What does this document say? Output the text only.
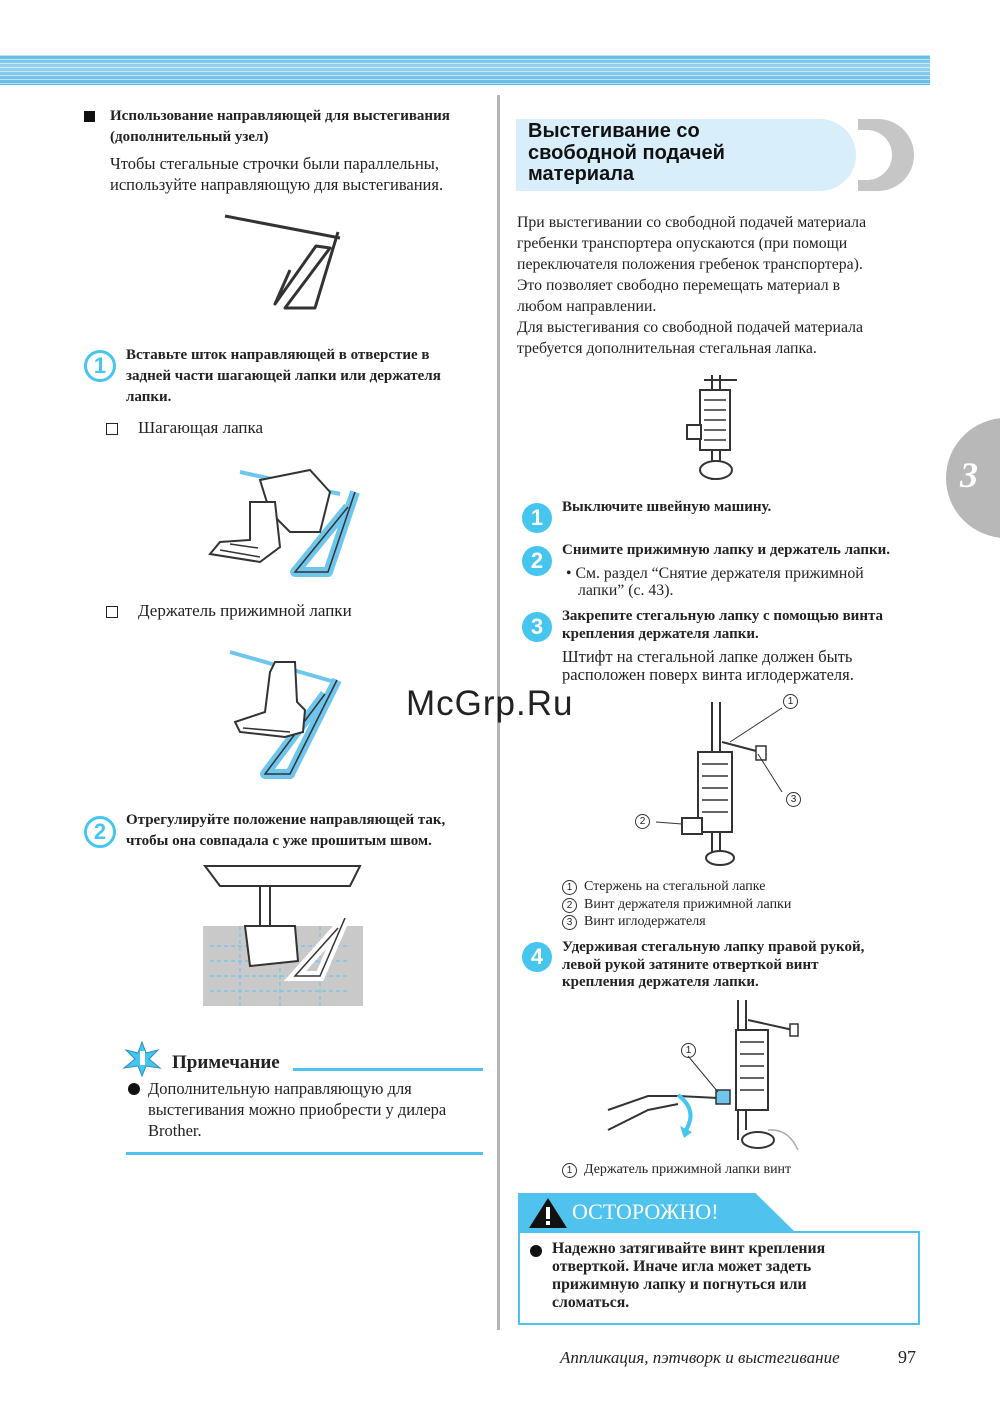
Использование направляющей для выстегивания
(дополнительный узел)
Чтобы стегальные строчки были параллельны,
используйте направляющую для выстегивания.
1	Вставьте шток направляющей в отверстие в
задней части шагающей лапки или держателя
лапки.
Шагающая лапка
Держатель прижимной лапки
2	Отрегулируйте положение направляющей так,
чтобы она совпадала с уже прошитым швом.
Примечание
Дополнительную направляющую для
выстегивания можно приобрести у дилера
Brother.
Выстегивание со
свободной подачей
материала
При выстегивании со свободной подачей материала
гребенки транспортера опускаются (при помощи
переключателя положения гребенок транспортера).
Это позволяет свободно перемещать материал в
любом направлении.
Для выстегивания со свободной подачей материала
требуется дополнительная стегальная лапка.
1	Выключите швейную машину.
2	Снимите прижимную лапку и держатель лапки.
• См. раздел “Снятие держателя прижимной
лапки” (с. 43).
3	Закрепите стегальную лапку с помощью винта
крепления держателя лапки.
Штифт на стегальной лапке должен быть
расположен поверх винта иглодержателя.
1
3
2
1 Стержень на стегальной лапке
2 Винт держателя прижимной лапки
3 Винт иглодержателя
4	Удерживая стегальную лапку правой рукой,
левой рукой затяните отверткой винт
крепления держателя лапки.
1
1 Держатель прижимной лапки винт
ОСТОРОЖНО!
Надежно затягивайте винт крепления
отверткой. Иначе игла может задеть
прижимную лапку и погнуться или
сломаться.
3
McGrp.Ru
Аппликация, пэтчворк и выстегивание	97
